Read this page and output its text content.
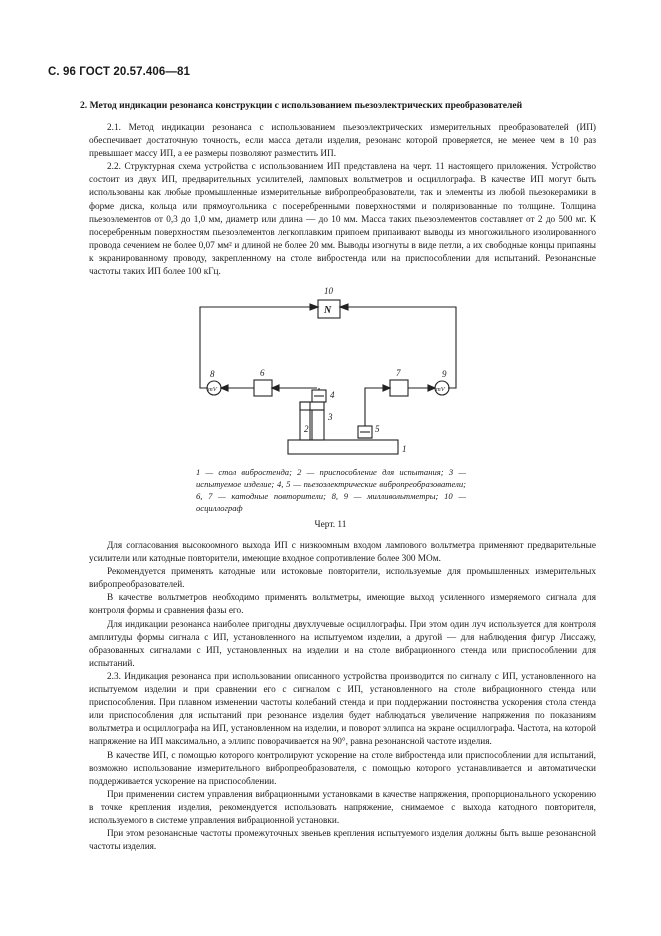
С. 96 ГОСТ 20.57.406—81
2. Метод индикации резонанса конструкции с использованием пьезоэлектрических преобразователей

2.1. Метод индикации резонанса с использованием пьезоэлектрических измерительных преобразователей (ИП) обеспечивает достаточную точность, если масса детали изделия, резонанс которой проверяется, не менее чем в 10 раз превышает массу ИП, а ее размеры позволяют разместить ИП.

2.2. Структурная схема устройства с использованием ИП представлена на черт. 11 настоящего приложения. Устройство состоит из двух ИП, предварительных усилителей, ламповых вольтметров и осциллографа. В качестве ИП могут быть использованы как любые промышленные измерительные вибропреобразователи, так и элементы из любой пьезокерамики в форме диска, кольца или прямоугольника с посеребренными поверхностями и поляризованные по толщине. Толщина пьезоэлементов от 0,3 до 1,0 мм, диаметр или длина — до 10 мм. Масса таких пьезоэлементов составляет от 2 до 500 мг. К посеребренным поверхностям пьезоэлементов легкоплавким припоем припаивают выводы из многожильного изолированного провода сечением не более 0,07 мм² и длиной не более 20 мм. Выводы изогнуты в виде петли, а их свободные концы припаяны к экранированному проводу, закрепленному на столе вибростенда или на приспособлении для испытаний. Резонансные частоты таких ИП более 100 кГц.

10
N
6	7
8	9
mV	mV
4
3
5
2
1
1 — стол вибростенда; 2 — приспособление для испытания; 3 — испытуемое изделие; 4, 5 — пьезоэлектрические вибропреобразователи; 6, 7 — катодные повторители; 8, 9 — милливольтметры; 10 — осциллограф
Черт. 11

Для согласования высокоомного выхода ИП с низкоомным входом лампового вольтметра применяют предварительные усилители или катодные повторители, имеющие входное сопротивление более 300 МОм.

Рекомендуется применять катодные или истоковые повторители, используемые для промышленных измерительных вибропреобразователей.

В качестве вольтметров необходимо применять вольтметры, имеющие выход усиленного измеряемого сигнала для контроля формы и сравнения фазы его.

Для индикации резонанса наиболее пригодны двухлучевые осциллографы. При этом один луч используется для контроля амплитуды формы сигнала с ИП, установленного на испытуемом изделии, а другой — для наблюдения фигур Лиссажу, образованных сигналами с ИП, установленных на изделии и на столе вибрационного стенда или приспособлении для испытаний.

2.3. Индикация резонанса при использовании описанного устройства производится по сигналу с ИП, установленного на испытуемом изделии и при сравнении его с сигналом с ИП, установленного на столе вибрационного стенда или приспособления. При плавном изменении частоты колебаний стенда и при поддержании постоянства ускорения стола стенда или приспособления для испытаний при резонансе изделия будет наблюдаться увеличение напряжения по показаниям вольтметра и осциллографа на ИП, установленном на изделии, и поворот эллипса на экране осциллографа. Частота, на которой напряжение на ИП максимально, а эллипс поворачивается на 90°, равна резонансной частоте изделия.

В качестве ИП, с помощью которого контролируют ускорение на столе вибростенда или приспособлении для испытаний, возможно использование измерительного вибропреобразователя, с помощью которого устанавливается и автоматически поддерживается ускорение на приспособлении.

При применении систем управления вибрационными установками в качестве напряжения, пропорционального ускорению в точке крепления изделия, рекомендуется использовать напряжение, снимаемое с выхода катодного повторителя, используемого в системе управления вибрационной установки.

При этом резонансные частоты промежуточных звеньев крепления испытуемого изделия должны быть выше резонансной частоты изделия.
